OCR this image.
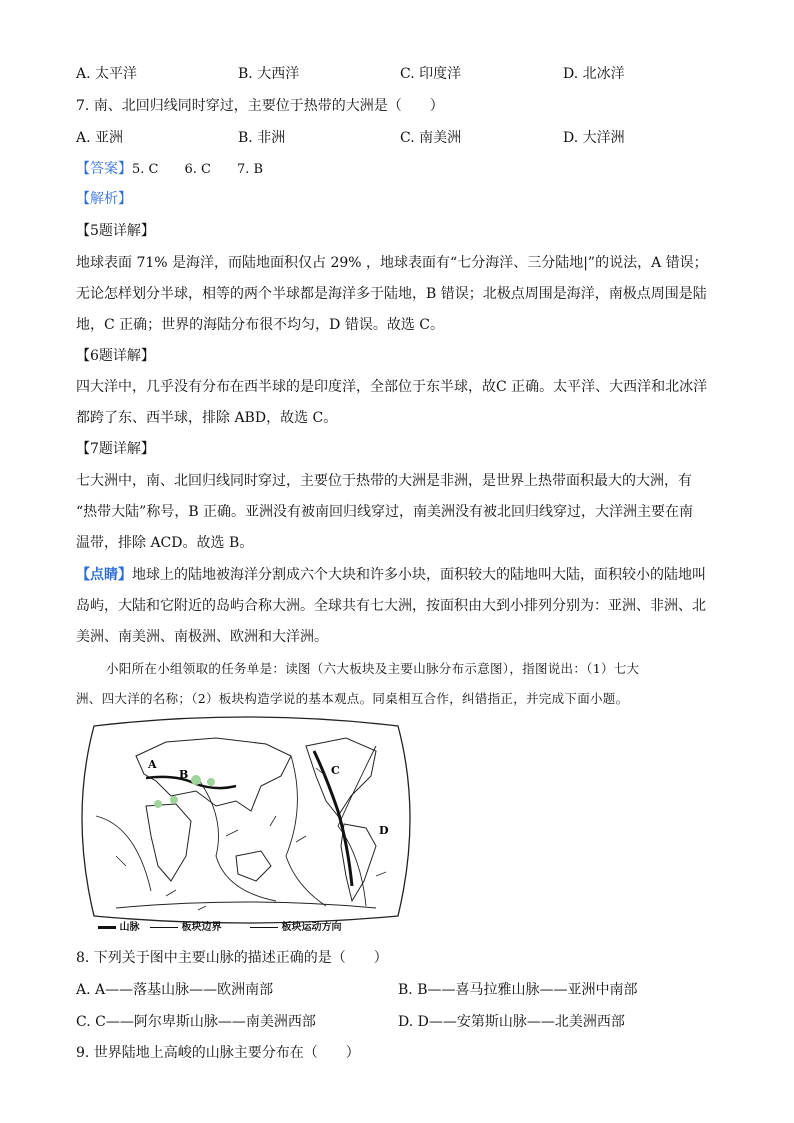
A. 太平洋	B. 大西洋	C. 印度洋	D. 北冰洋
7. 南、北回归线同时穿过，主要位于热带的大洲是（　　）
A. 亚洲	B. 非洲	C. 南美洲	D. 大洋洲
【答案】5. C　　6. C　　7. B
【解析】
【5题详解】
地球表面 71% 是海洋，而陆地面积仅占 29% ，地球表面有“七分海洋、三分陆地|”的说法，A 错误；
无论怎样划分半球，相等的两个半球都是海洋多于陆地，B 错误；北极点周围是海洋，南极点周围是陆
地，C 正确；世界的海陆分布很不均匀，D 错误。故选 C。
【6题详解】
四大洋中，几乎没有分布在西半球的是印度洋，全部位于东半球，故C 正确。太平洋、大西洋和北冰洋
都跨了东、西半球，排除 ABD，故选 C。
【7题详解】
七大洲中，南、北回归线同时穿过，主要位于热带的大洲是非洲，是世界上热带面积最大的大洲，有
“热带大陆”称号，B 正确。亚洲没有被南回归线穿过，南美洲没有被北回归线穿过，大洋洲主要在南
温带，排除 ACD。故选 B。
【点睛】地球上的陆地被海洋分割成六个大块和许多小块，面积较大的陆地叫大陆，面积较小的陆地叫
岛屿，大陆和它附近的岛屿合称大洲。全球共有七大洲，按面积由大到小排列分别为：亚洲、非洲、北
美洲、南美洲、南极洲、欧洲和大洋洲。
小阳所在小组领取的任务单是：读图（六大板块及主要山脉分布示意图），指图说出：（1）七大
洲、四大洋的名称；（2）板块构造学说的基本观点。同桌相互合作，纠错指正，并完成下面小题。
A
B	C
D
山脉	板块边界	板块运动方向
8. 下列关于图中主要山脉的描述正确的是（　　）
A. A——落基山脉——欧洲南部	B. B——喜马拉雅山脉——亚洲中南部
C. C——阿尔卑斯山脉——南美洲西部	D. D——安第斯山脉——北美洲西部
9. 世界陆地上高峻的山脉主要分布在（　　）
